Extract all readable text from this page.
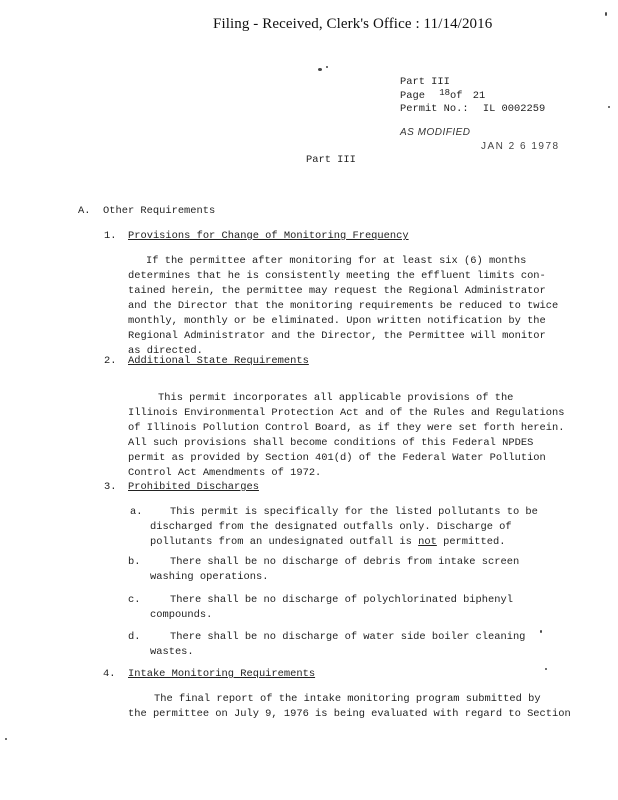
Filing - Received, Clerk's Office : 11/14/2016
Part III
Page 18of 21
Permit No.: IL 0002259
AS MODIFIED
JAN 2 6 1978
Part III
A. Other Requirements
1. Provisions for Change of Monitoring Frequency
If the permittee after monitoring for at least six (6) months
determines that he is consistently meeting the effluent limits con-
tained herein, the permittee may request the Regional Administrator
and the Director that the monitoring requirements be reduced to twice
monthly, monthly or be eliminated. Upon written notification by the
Regional Administrator and the Director, the Permittee will monitor
as directed.
2. Additional State Requirements
This permit incorporates all applicable provisions of the
Illinois Environmental Protection Act and of the Rules and Regulations
of Illinois Pollution Control Board, as if they were set forth herein.
All such provisions shall become conditions of this Federal NPDES
permit as provided by Section 401(d) of the Federal Water Pollution
Control Act Amendments of 1972.
3. Prohibited Discharges
a.	This permit is specifically for the listed pollutants to be
discharged from the designated outfalls only. Discharge of
pollutants from an undesignated outfall is not permitted.
b.	There shall be no discharge of debris from intake screen
washing operations.
c.	There shall be no discharge of polychlorinated biphenyl
compounds.
d.	There shall be no discharge of water side boiler cleaning
wastes.
4. Intake Monitoring Requirements
The final report of the intake monitoring program submitted by
the permittee on July 9, 1976 is being evaluated with regard to Section
